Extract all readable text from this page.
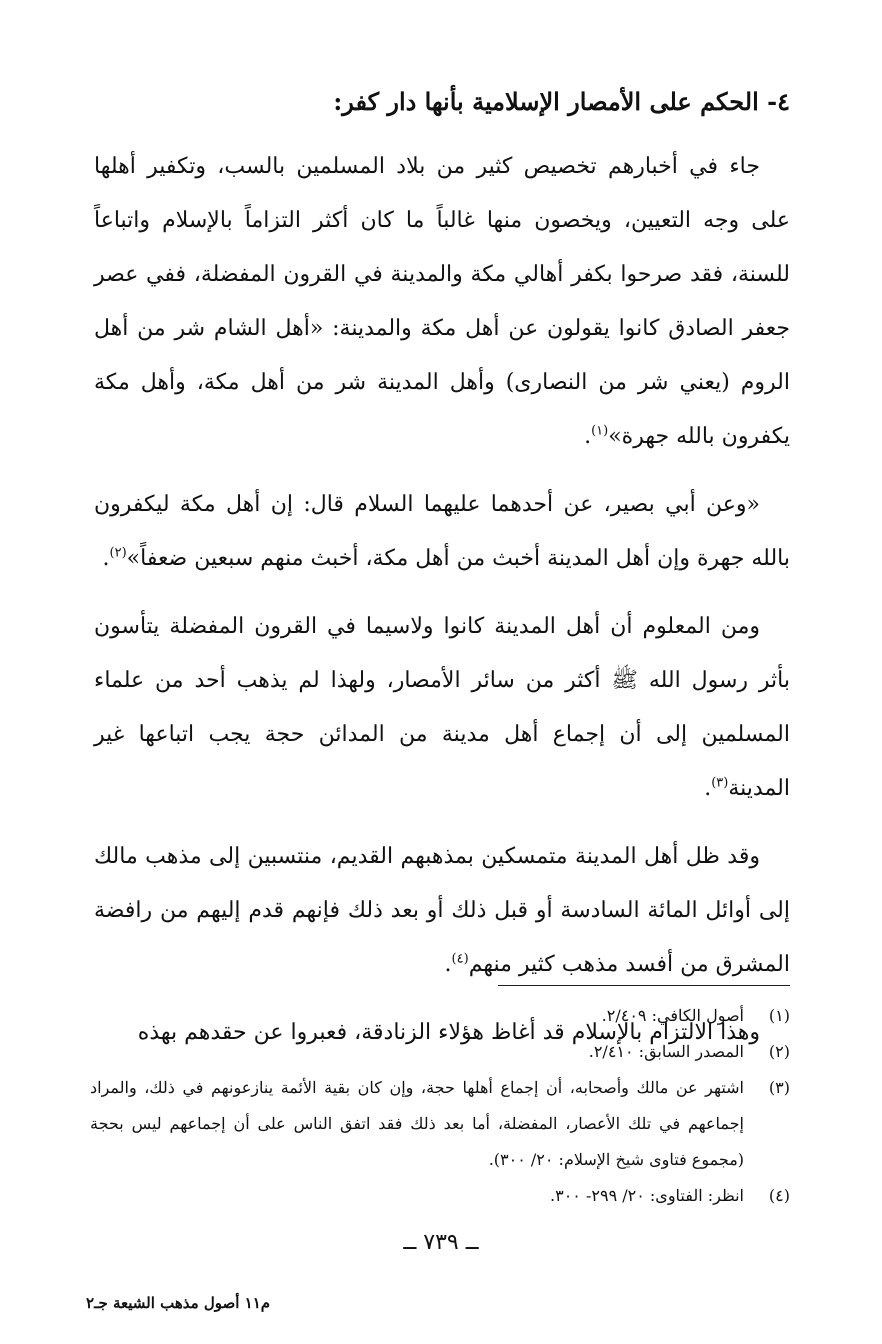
٤- الحكم على الأمصار الإسلامية بأنها دار كفر:

جاء في أخبارهم تخصيص كثير من بلاد المسلمين بالسب، وتكفير أهلها على وجه التعيين، ويخصون منها غالباً ما كان أكثر التزاماً بالإسلام واتباعاً للسنة، فقد صرحوا بكفر أهالي مكة والمدينة في القرون المفضلة، ففي عصر جعفر الصادق كانوا يقولون عن أهل مكة والمدينة: «أهل الشام شر من أهل الروم (يعني شر من النصارى) وأهل المدينة شر من أهل مكة، وأهل مكة يكفرون بالله جهرة»$^{(١)}$.

«وعن أبي بصير، عن أحدهما عليهما السلام قال: إن أهل مكة ليكفرون بالله جهرة وإن أهل المدينة أخبث من أهل مكة، أخبث منهم سبعين ضعفاً»$^{(٢)}$.

ومن المعلوم أن أهل المدينة كانوا ولاسيما في القرون المفضلة يتأسون بأثر رسول الله ﷺ أكثر من سائر الأمصار، ولهذا لم يذهب أحد من علماء المسلمين إلى أن إجماع أهل مدينة من المدائن حجة يجب اتباعها غير المدينة$^{(٣)}$.

وقد ظل أهل المدينة متمسكين بمذهبهم القديم، منتسبين إلى مذهب مالك إلى أوائل المائة السادسة أو قبل ذلك أو بعد ذلك فإنهم قدم إليهم من رافضة المشرق من أفسد مذهب كثير منهم$^{(٤)}$.

وهذا الالتزام بالإسلام قد أغاظ هؤلاء الزنادقة، فعبروا عن حقدهم بهذه

(١)
أصول الكافي: ٢/٤٠٩.
(٢)
المصدر السابق: ٢/٤١٠.
(٣)
اشتهر عن مالك وأصحابه، أن إجماع أهلها حجة، وإن كان بقية الأئمة ينازعونهم في ذلك، والمراد إجماعهم في تلك الأعصار، المفضلة، أما بعد ذلك فقد اتفق الناس على أن إجماعهم ليس بحجة (مجموع فتاوى شيخ الإسلام: ٢٠/ ٣٠٠).
(٤)
انظر: الفتاوى: ٢٠/ ٢٩٩- ٣٠٠.
ــ ٧٣٩ ــ
م١١ أصول مذهب الشيعة جـ٢
